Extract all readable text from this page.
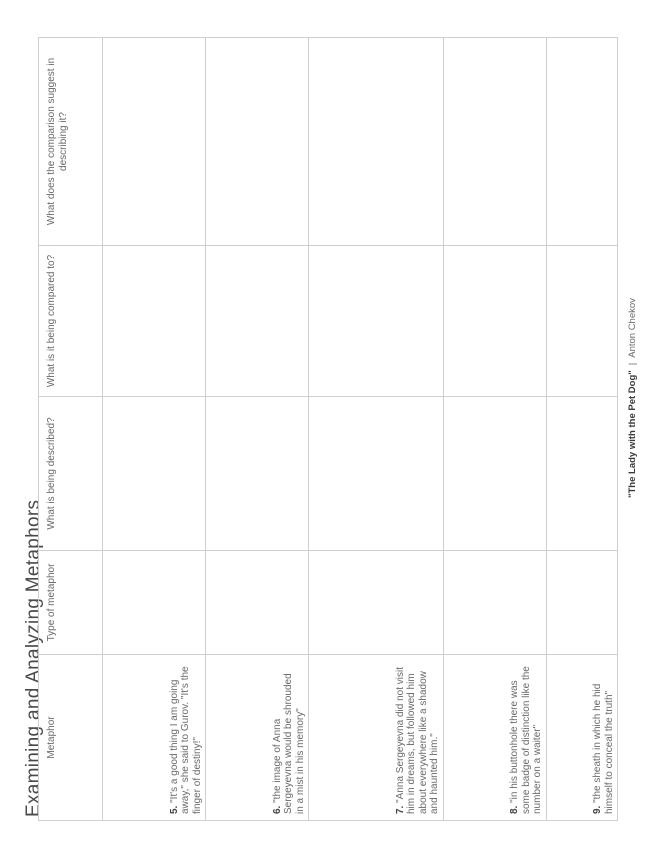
Examining and Analyzing Metaphors Metaphor	Type of metaphor	What is being described?	What is it being compared to?	What does the comparison suggest in describing it?
5. "It's a good thing I am going away," she said to Gurov. "It's the finger of destiny!"				
6. "the image of Anna Sergeyevna would be shrouded in a mist in his memory"				
7. "Anna Sergeyevna did not visit him in dreams, but followed him about everywhere like a shadow and haunted him."				
8. "in his buttonhole there was some badge of distinction like the number on a waiter"				
9. "the sheath in which he hid himself to conceal the truth"				
"The Lady with the Pet Dog"|Anton Chekov
